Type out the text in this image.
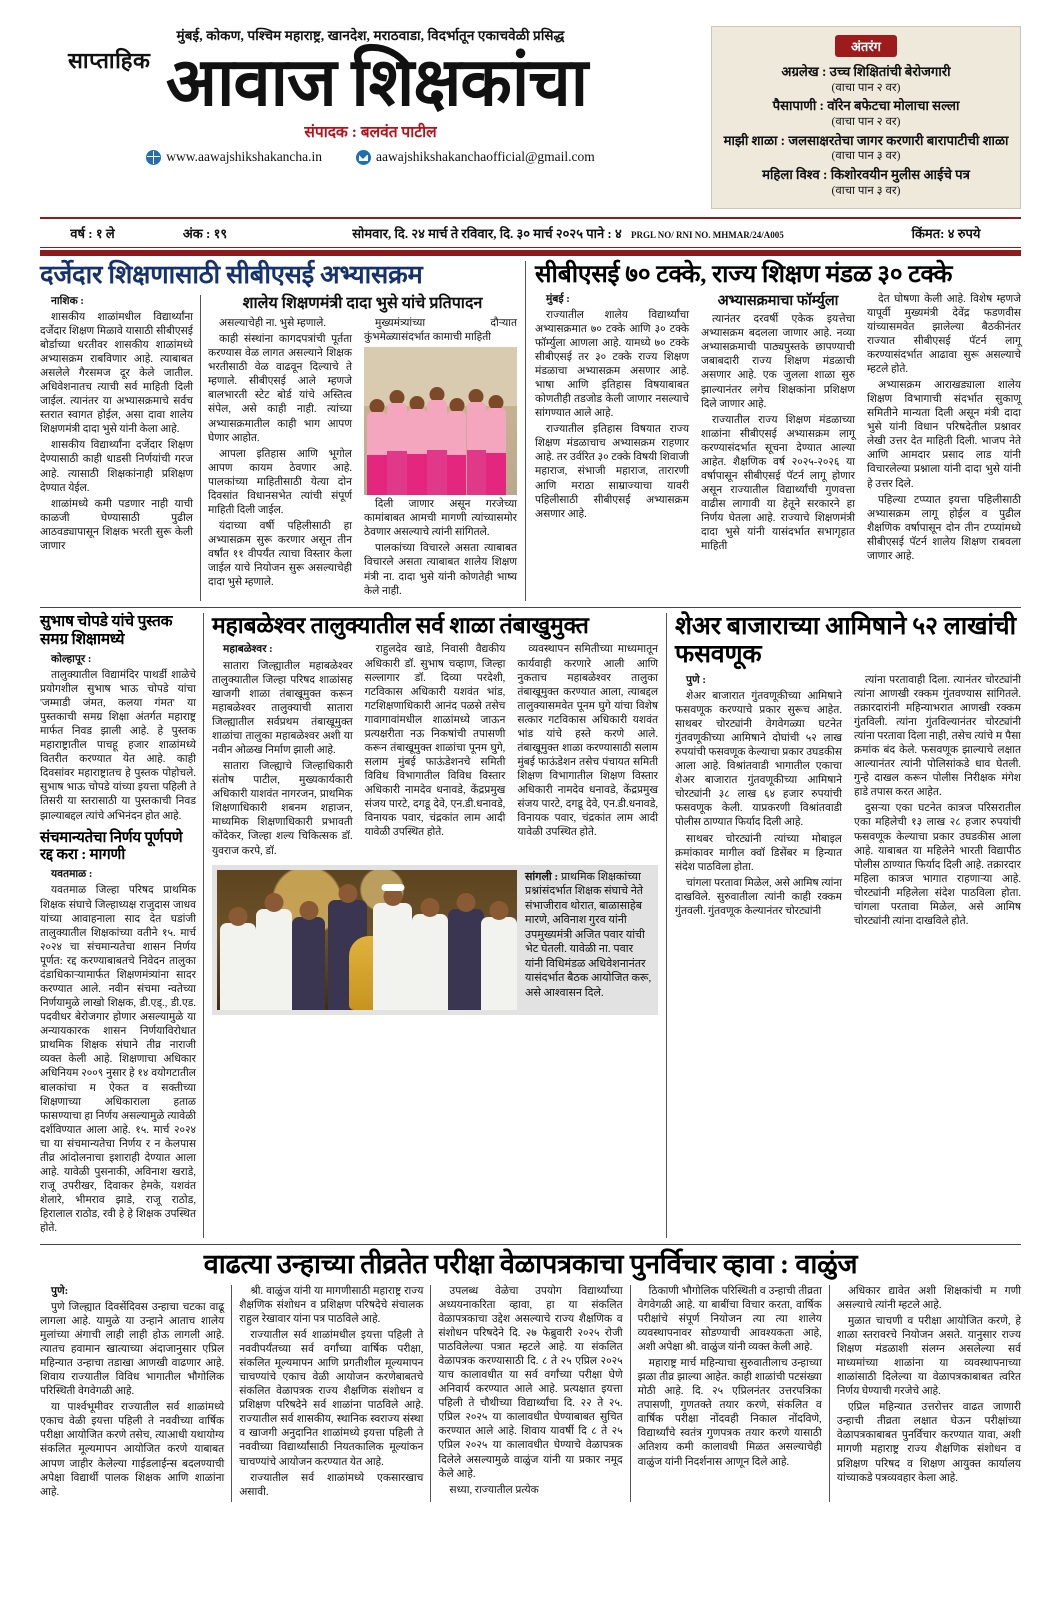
मुंबई, कोकण, पश्चिम महाराष्ट्र, खानदेश, मराठवाडा, विदर्भातून एकाचवेळी प्रसिद्ध
साप्ताहिक आवाज शिक्षकांचा
संपादक : बलवंत पाटील
www.aawajshikshakancha.in	aawajshikshakanchaofficial@gmail.com
अंतरंग
अग्रलेख : उच्च शिक्षितांची बेरोजगारी
(वाचा पान २ वर)
पैसापाणी : वॉरेन बफेटचा मोलाचा सल्ला
(वाचा पान २ वर)
माझी शाळा : जलसाक्षरतेचा जागर करणारी बारापाटीची शाळा
(वाचा पान ३ वर)
महिला विश्व : किशोरवयीन मुलीस आईचे पत्र
(वाचा पान ३ वर)
वर्ष : १ ले	अंक : १९	सोमवार, दि. २४ मार्च ते रविवार, दि. ३० मार्च २०२५ पाने : ४ PRGL NO/ RNI NO. MHMAR/24/A005	किंमत: ४ रुपये
दर्जेदार शिक्षणासाठी सीबीएसई अभ्यासक्रम

नाशिक :

शासकीय शाळांमधील विद्यार्थ्यांना दर्जेदार शिक्षण मिळावे यासाठी सीबीएसई बोर्डाच्या धरतीवर शासकीय शाळांमध्ये अभ्यासक्रम राबविणार आहे. त्याबाबत असलेले गैरसमज दूर केले जातील. अधिवेशनातच त्याची सर्व माहिती दिली जाईल. त्यानंतर या अभ्यासक्रमाचे सर्वच स्तरात स्वागत होईल, असा दावा शालेय शिक्षणमंत्री दादा भुसे यांनी केला आहे.

शासकीय विद्यार्थ्यांना दर्जेदार शिक्षण देण्यासाठी काही धाडसी निर्णयांची गरज आहे. त्यासाठी शिक्षकांनाही प्रशिक्षण देण्यात येईल.

शाळांमध्ये कमी पडणार नाही याची काळजी घेण्यासाठी पुढील आठवड्यापासून शिक्षक भरती सुरू केली जाणार

शालेय शिक्षणमंत्री दादा भुसे यांचे प्रतिपादन

असल्याचेही ना. भुसे म्हणाले.

काही संस्थांना कागदपत्रांची पूर्तता करण्यास वेळ लागत असल्याने शिक्षक भरतीसाठी वेळ वाढवून दिल्याचे ते म्हणाले. सीबीएसई आले म्हणजे बालभारती स्टेट बोर्ड यांचे अस्तित्व संपेल, असे काही नाही. त्यांच्या अभ्यासक्रमातील काही भाग आपण घेणार आहोत.

आपला इतिहास आणि भूगोल आपण कायम ठेवणार आहे. पालकांच्या माहितीसाठी येत्या दोन दिवसांत विधानसभेत त्यांची संपूर्ण माहिती दिली जाईल.

यंदाच्या वर्षी पहिलीसाठी हा अभ्यासक्रम सुरू करणार असून तीन वर्षांत ११ वीपर्यंत त्याचा विस्तार केला जाईल याचे नियोजन सुरू असल्याचेही दादा भुसे म्हणाले.

मुख्यमंत्र्यांच्या दौऱ्यात कुंभमेळ्यासंदर्भात कामाची माहिती

दिली जाणार असून गरजेच्या कामांबाबत आमची मागणी त्यांच्यासमोर ठेवणार असल्याचे त्यांनी सांगितले.

पालकांच्या विचारले असता त्याबाबत विचारले असता त्याबाबत शालेय शिक्षण मंत्री ना. दादा भुसे यांनी कोणतेही भाष्य केले नाही.

सीबीएसई ७० टक्के, राज्य शिक्षण मंडळ ३० टक्के

मुंबई :

राज्यातील शालेय विद्यार्थ्यांचा अभ्यासक्रमात ७० टक्के आणि ३० टक्के फॉर्म्युला आणला आहे. यामध्ये ७० टक्के सीबीएसई तर ३० टक्के राज्य शिक्षण मंडळाचा अभ्यासक्रम असणार आहे. भाषा आणि इतिहास विषयाबाबत कोणतीही तडजोड केली जाणार नसल्याचे सांगण्यात आले आहे.

राज्यातील इतिहास विषयात राज्य शिक्षण मंडळाचाच अभ्यासक्रम राहणार आहे. तर उर्वरित ३० टक्के विषयी शिवाजी महाराज, संभाजी महाराज, तारारणी आणि मराठा साम्राज्याचा यावरी पहिलीसाठी सीबीएसई अभ्यासक्रम असणार आहे.

अभ्यासक्रमाचा फॉर्म्युला

त्यानंतर दरवर्षी एकेक इयत्तेचा अभ्यासक्रम बदलला जाणार आहे. नव्या अभ्यासक्रमाची पाठ्यपुस्तके छापण्याची जबाबदारी राज्य शिक्षण मंडळाची असणार आहे. एक जुलला शाळा सुरु झाल्यानंतर लगेच शिक्षकांना प्रशिक्षण दिले जाणार आहे.

राज्यातील राज्य शिक्षण मंडळाच्या शाळांना सीबीएसई अभ्यासक्रम लागू करण्यासंदर्भात सूचना देण्यात आल्या आहेत. शैक्षणिक वर्ष २०२५-२०२६ या वर्षापासून सीबीएसई पॅटर्न लागू होणार असून राज्यातील विद्यार्थ्यांची गुणवत्ता वाढीस लागावी या हेतूने सरकारने हा निर्णय घेतला आहे. राज्याचे शिक्षणमंत्री दादा भुसे यांनी यासंदर्भात सभागृहात माहिती

देत घोषणा केली आहे. विशेष म्हणजे यापूर्वी मुख्यमंत्री देवेंद्र फडणवीस यांच्यासमवेत झालेल्या बैठकीनंतर राज्यात सीबीएसई पॅटर्न लागू करण्यासंदर्भात आढावा सुरू असल्याचे म्हटले होते.

अभ्यासक्रम आराखड्याला शालेय शिक्षण विभागाची संदर्भात सुकाणू समितीने मान्यता दिली असून मंत्री दादा भुसे यांनी विधान परिषदेतील प्रश्नावर लेखी उत्तर देत माहिती दिली. भाजप नेते आणि आमदार प्रसाद लाड यांनी विचारलेल्या प्रश्नाला यांनी दादा भुसे यांनी हे उत्तर दिले.

पहिल्या टप्प्यात इयत्ता पहिलीसाठी अभ्यासक्रम लागू होईल व पुढील शैक्षणिक वर्षापासून दोन तीन टप्प्यांमध्ये सीबीएसई पॅटर्न शालेय शिक्षण राबवला जाणार आहे.

सुभाष चोपडे यांचे पुस्तक समग्र शिक्षामध्ये

कोल्हापूर :

तालुक्यातील विद्यामंदिर पाथर्डी शाळेचे प्रयोगशील सुभाष भाऊ चोपडे यांचा 'जम्माडी जंमत, कलया गंमत' या पुस्तकाची समग्र शिक्षा अंतर्गत महाराष्ट्र मार्फत निवड झाली आहे. हे पुस्तक महाराष्ट्रातील पाचहू हजार शाळांमध्ये वितरीत करण्यात येत आहे. काही दिवसांवर महाराष्ट्रातच हे पुस्तक पोहोचले. सुभाष भाऊ चोपडे यांच्या इयत्ता पहिली ते तिसरी या स्तरासाठी या पुस्तकाची निवड झाल्याबद्दल त्यांचे अभिनंदन होत आहे.

संचमान्यतेचा निर्णय पूर्णपणे रद्द करा : मागणी

यवतमाळ :

यवतमाळ जिल्हा परिषद प्राथमिक शिक्षक संघाचे जिल्हाध्यक्ष राजुदास जाधव यांच्या आवाहनाला साद देत घडांजी तालुक्यातील शिक्षकांच्या वतीने १५. मार्च २०२४ चा संचमान्यतेचा शासन निर्णय पूर्णत: रद्द करण्याबाबतचे निवेदन तालुका दंडाधिकाऱ्यामार्फत शिक्षणमंत्र्यांना सादर करण्यात आले. नवीन संचमा न्वतेच्या निर्णयामुळे लाखो शिक्षक, डी.एड्., डी.एड. पदवीधर बेरोजगार होणार असल्यामुळे या अन्यायकारक शासन निर्णयाविरोधात प्राथमिक शिक्षक संघाने तीव्र नाराजी व्यक्त केली आहे. शिक्षणाचा अधिकार अधिनियम २००९ नुसार हे १४ वयोगटातील बालकांचा म ऐकत व सक्तीच्या शिक्षणाच्या अधिकाराला हताळ फासण्याचा हा निर्णय असल्यामुळे त्यावेळी दर्शविण्यात आला आहे. १५. मार्च २०२४ चा या संचमान्यतेचा निर्णय र न केलपास तीव्र आंदोलनाचा इशाराही देण्यात आला आहे. यावेळी पुसनाकी, अविनाश खराडे, राजू उपरीखर, दिवाकर हेमके, यशवंत शेलारे, भीमराव झाडे, राजू राठोड, हिरालाल राठोड, रवी हे हे शिक्षक उपस्थित होते.

महाबळेश्वर तालुक्यातील सर्व शाळा तंबाखुमुक्त

महाबळेश्वर :

सातारा जिल्ह्यातील महाबळेश्वर तालुक्यातील जिल्हा परिषद शाळांसह खाजगी शाळा तंबाखूमुक्त करून महाबळेश्वर तालुक्याची सातारा जिल्ह्यातील सर्वप्रथम तंबाखूमुक्त शाळांचा तालुका महाबळेश्वर अशी या नवीन ओळख निर्माण झाली आहे.

सातारा जिल्ह्याचे जिल्हाधिकारी संतोष पाटील, मुख्यकार्यकारी अधिकारी याशवंत नागरजन, प्राथमिक शिक्षणाधिकारी शबनम शहाजन, माध्यमिक शिक्षणाधिकारी प्रभावती कोंदेकर, जिल्हा शल्य चिकित्सक डॉ. युवराज करपे, डॉ.

राहुलदेव खाडे, निवासी वैद्यकीय अधिकारी डॉ. सुभाष चव्हाण, जिल्हा सल्लागार डॉ. दिव्या परदेशी, गटविकास अधिकारी यशवंत भांड, गटशिक्षणाधिकारी आनंद पळसे तसेच गावागावांमधील शाळांमध्ये जाऊन प्रत्यक्षरीता नऊ निकषांची तपासणी करून तंबाखूमुक्त शाळांचा पूनम घुगे, सलाम मुंबई फाऊंडेशनचे समिती विविध विभागातील विविध विस्तार अधिकारी नामदेव धनावडे, केंद्रप्रमुख संजय पारटे, दगडू देवे, एन.डी.धनावडे, विनायक पवार, चंद्रकांत लाम आदी यावेळी उपस्थित होते.

व्यवस्थापन समितीच्या माध्यमातून कार्यवाही करणारे आली आणि नुकताच महाबळेश्वर तालुका तंबाखूमुक्त करण्यात आला, त्याबद्दल तालुक्यासमवेत पूनम घुगे यांचा विशेष सत्कार गटविकास अधिकारी यशवंत भांड यांचे हस्ते करणे आले. तंबाखूमुक्त शाळा करण्यासाठी सलाम मुंबई फाऊंडेशन तसेच पंचायत समिती शिक्षण विभागातील शिक्षण विस्तार अधिकारी नामदेव धनावडे, केंद्रप्रमुख संजय पारटे, दगडू देवे, एन.डी.धनावडे, विनायक पवार, चंद्रकांत लाम आदी यावेळी उपस्थित होते.

सांगली : प्राथमिक शिक्षकांच्या प्रश्नांसंदर्भात शिक्षक संघाचे नेते संभाजीराव थोरात, बाळासाहेब मारणे, अविनाश गुरव यांनी उपमुख्यमंत्री अजित पवार यांची भेट घेतली. यावेळी ना. पवार यांनी विधिमंडळ अधिवेशनानंतर यासंदर्भात बैठक आयोजित करू, असे आश्वासन दिले.
शेअर बाजाराच्या आमिषाने ५२ लाखांची फसवणूक

पुणे :

शेअर बाजारात गुंतवणूकीच्या आमिषाने फसवणूक करण्याचे प्रकार सुरूच आहेत. साथबर चोरट्यांनी वेगवेगळ्या घटनेत गुंतवणूकीच्या आमिषाने दोघांची ५२ लाख रुपयांची फसवणूक केल्याचा प्रकार उघडकीस आला आहे. विश्रांतवाडी भागातील एकाचा शेअर बाजारात गुंतवणूकीच्या आमिषाने चोरट्यांनी ३८ लाख ६४ हजार रुपयांची फसवणूक केली. याप्रकरणी विश्रांतवाडी पोलीस ठाण्यात फिर्याद दिली आहे.

साथबर चोरट्यांनी त्यांच्या मोबाइल क्रमांकावर मागील क्वॉ डिसेंबर म हिन्यात संदेश पाठविला होता.

चांगला परतावा मिळेल, असे आमिष त्यांना दाखविले. सुरुवातीला त्यांनी काही रक्कम गुंतवली. गुंतवणूक केल्यानंतर चोरट्यांनी

त्यांना परतावाही दिला. त्यानंतर चोरट्यांनी त्यांना आणखी रक्कम गुंतवण्यास सांगितले. तक्रारदारांनी महिन्याभरात आणखी रक्कम गुंतविली. त्यांना गुंतविल्यानंतर चोरट्यांनी त्यांना परतावा दिला नाही, तसेच त्यांचे म पैसा क्रमांक बंद केले. फसवणूक झाल्याचे लक्षात आल्यानंतर त्यांनी पोलिसांकडे धाव घेतली. गुन्हे दाखल करून पोलीस निरीक्षक मंगेश हाडे तपास करत आहेत.

दुसऱ्या एका घटनेत कात्रज परिसरातील एका महिलेची १३ लाख २८ हजार रुपयांची फसवणूक केल्याचा प्रकार उघडकीस आला आहे. याबाबत या महिलेने भारती विद्यापीठ पोलीस ठाण्यात फिर्याद दिली आहे. तक्रारदार महिला कात्रज भागात राहणाऱ्या आहे. चोरट्यांनी महिलेला संदेश पाठविला होता. चांगला परतावा मिळेल, असे आमिष चोरट्यांनी त्यांना दाखविले होते.

वाढत्या उन्हाच्या तीव्रतेत परीक्षा वेळापत्रकाचा पुनर्विचार व्हावा : वाळुंज

पुणे:

पुणे जिल्ह्यात दिवसेंदिवस उन्हाचा चटका वाढू लागला आहे. यामुळे या उन्हाने आताच शालेय मुलांच्या अंगाची लाही लाही होऊ लागली आहे. त्यातच हवामान खात्याच्या अंदाजानुसार एप्रिल महिन्यात उन्हाचा तडाखा आणखी वाढणार आहे. शिवाय राज्यातील विविध भागातील भौगोलिक परिस्थिती वेगवेगळी आहे.

या पार्श्वभूमीवर राज्यातील सर्व शाळांमध्ये एकाच वेळी इयत्ता पहिली ते नववीच्या वार्षिक परीक्षा आयोजित करणे तसेच, त्याआधी यथायोग्य संकलित मूल्यमापन आयोजित करणे याबाबत आपण जाहीर केलेल्या गाईडलाईन्स बदलण्याची अपेक्षा विद्यार्थी पालक शिक्षक आणि शाळांना आहे.

श्री. वाळुंज यांनी या मागणीसाठी महाराष्ट्र राज्य शैक्षणिक संशोधन व प्रशिक्षण परिषदेचे संचालक राहुल रेखावार यांना पत्र पाठविले आहे.

राज्यातील सर्व शाळांमधील इयत्ता पहिली ते नववीपर्यंतच्या सर्व वर्गांच्या वार्षिक परीक्षा, संकलित मूल्यमापन आणि प्रगतीशील मूल्यमापन चाचण्यांचे एकाच वेळी आयोजन करणेबाबतचे संकलित वेळापत्रक राज्य शैक्षणिक संशोधन व प्रशिक्षण परिषदेने सर्व शाळांना पाठविले आहे. राज्यातील सर्व शासकीय, स्थानिक स्वराज्य संस्था व खाजगी अनुदानित शाळांमध्ये इयत्ता पहिली ते नववीच्या विद्यार्थ्यांसाठी नियतकालिक मूल्यांकन चाचण्यांचे आयोजन करण्यात येत आहे.

राज्यातील सर्व शाळांमध्ये एकसारखाच असावी.

उपलब्ध वेळेचा उपयोग विद्यार्थ्यांच्या अध्ययनाकरिता व्हावा, हा या संकलित वेळापत्रकाचा उद्देश असल्याचे राज्य शैक्षणिक व संशोधन परिषदेने दि. २७ फेब्रुवारी २०२५ रोजी पाठविलेल्या पत्रात म्हटले आहे. या संकलित वेळापत्रक करण्यासाठी दि. ८ ते २५ एप्रिल २०२५ याच कालावधीत या सर्व वर्गांच्या परीक्षा घेणे अनिवार्य करण्यात आले आहे. प्रत्यक्षात इयत्ता पहिली ते चौथीच्या विद्यार्थ्यांचा दि. २२ ते २५. एप्रिल २०२५ या कालावधीत घेण्याबाबत सुचित करण्यात आले आहे. शिवाय यावर्षी दि ८ ते २५ एप्रिल २०२५ या कालावधीत घेण्याचे वेळापत्रक दिलेले असल्यामुळे वाळुंज यांनी या प्रकार नमूद केले आहे.

सध्या, राज्यातील प्रत्येक

ठिकाणी भौगोलिक परिस्थिती व उन्हाची तीव्रता वेगवेगळी आहे. या बाबींचा विचार करता, वार्षिक परीक्षांचे संपूर्ण नियोजन त्या त्या शालेय व्यवस्थापनावर सोडण्याची आवश्यकता आहे, अशी अपेक्षा श्री. वाळुंज यांनी व्यक्त केली आहे.

महाराष्ट्र मार्च महिन्याचा सुरुवातीलाच उन्हाच्या झळा तीव्र झाल्या आहेत. काही शाळांची पटसंख्या मोठी आहे. दि. २५ एप्रिलनंतर उत्तरपत्रिका तपासणी, गुणतक्ते तयार करणे, संकलित व वार्षिक परीक्षा नोंदवही निकाल नोंदविणे, विद्यार्थ्यांचे स्वतंत्र गुणपत्रक तयार करणे यासाठी अतिशय कमी कालावधी मिळत असल्याचेही वाळुंज यांनी निदर्शनास आणून दिले आहे.

अधिकार द्यावेत अशी शिक्षकांची म गणी असल्याचे त्यांनी म्हटले आहे.

मुळात चाचणी व परीक्षा आयोजित करणे, हे शाळा स्तरावरचे नियोजन असते. यानुसार राज्य शिक्षण मंडळाशी संलग्न असलेल्या सर्व माध्यमांच्या शाळांना या व्यवस्थापनाच्या शाळांसाठी दिलेल्या या वेळापत्रकाबाबत त्वरित निर्णय घेण्याची गरजेचे आहे.

एप्रिल महिन्यात उत्तरोत्तर वाढत जाणारी उन्हाची तीव्रता लक्षात घेऊन परीक्षांच्या वेळापत्रकाबाबत पुनर्विचार करण्यात यावा, अशी मागणी महाराष्ट्र राज्य शैक्षणिक संशोधन व प्रशिक्षण परिषद व शिक्षण आयुक्त कार्यालय यांच्याकडे पत्रव्यवहार केला आहे.
